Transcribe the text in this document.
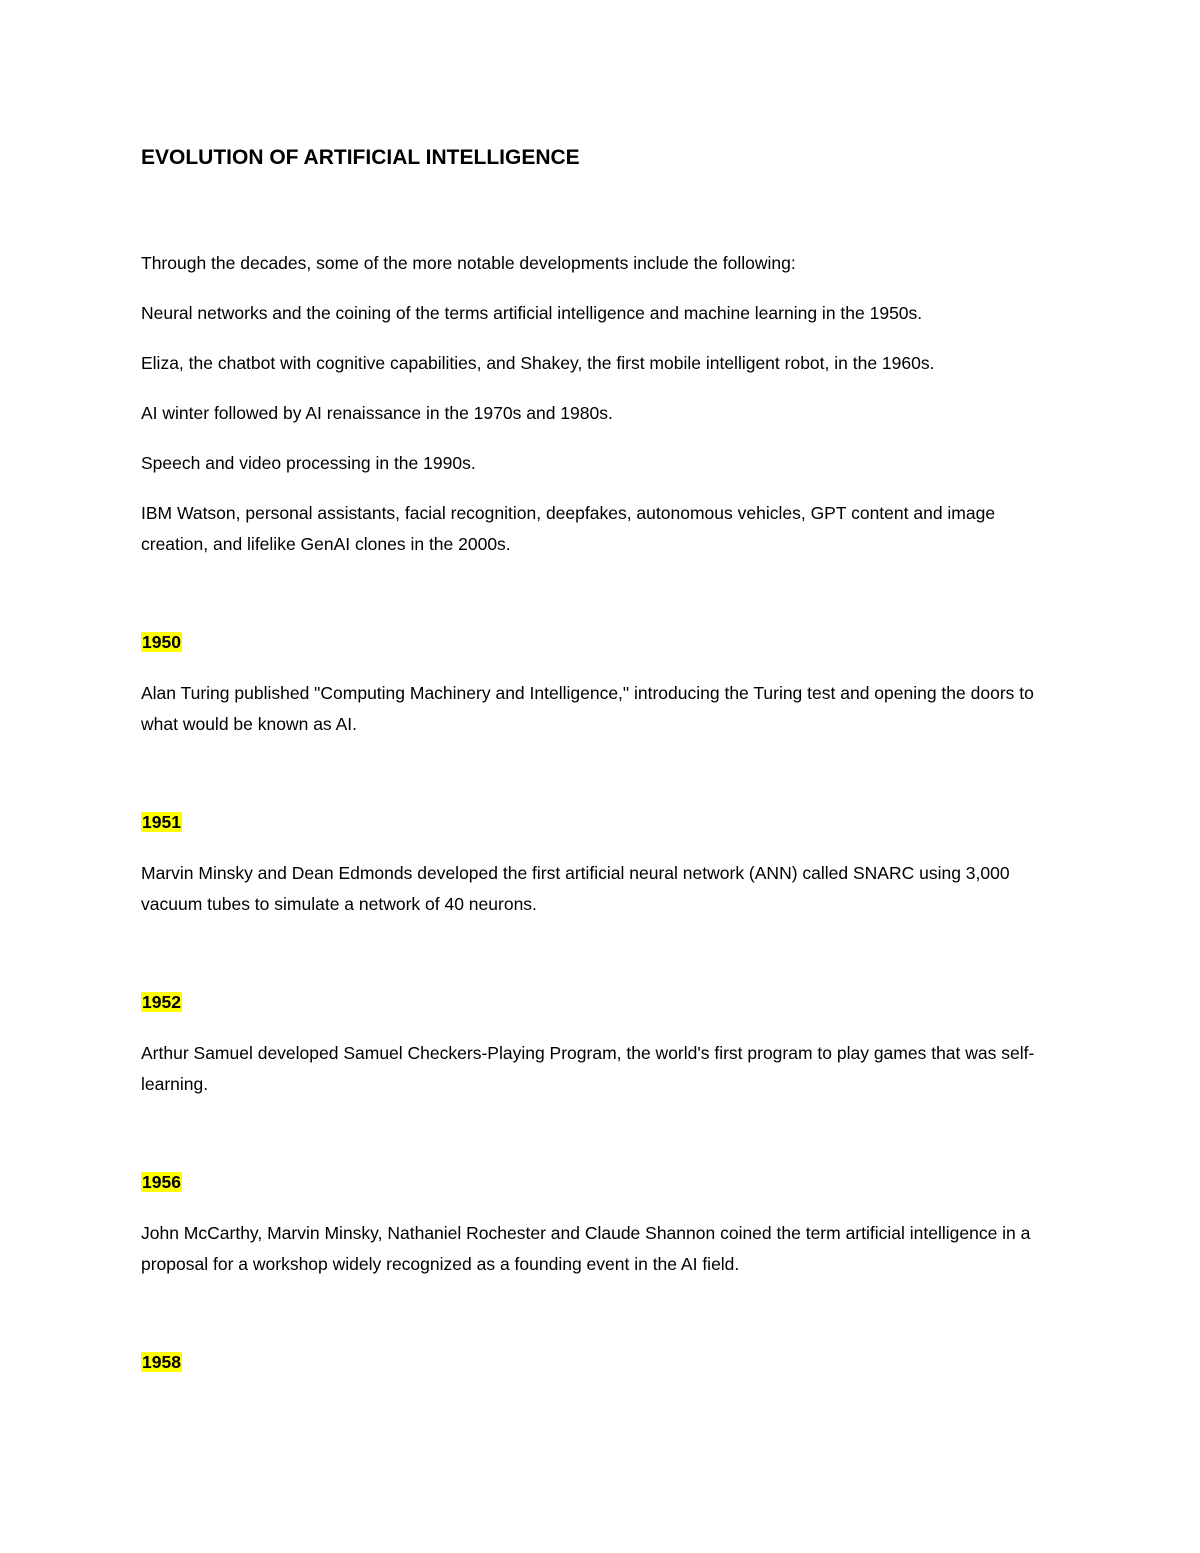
EVOLUTION OF ARTIFICIAL INTELLIGENCE

Through the decades, some of the more notable developments include the following:

Neural networks and the coining of the terms artificial intelligence and machine learning in the 1950s.

Eliza, the chatbot with cognitive capabilities, and Shakey, the first mobile intelligent robot, in the 1960s.

AI winter followed by AI renaissance in the 1970s and 1980s.

Speech and video processing in the 1990s.

IBM Watson, personal assistants, facial recognition, deepfakes, autonomous vehicles, GPT content and image creation, and lifelike GenAI clones in the 2000s.

1950

Alan Turing published "Computing Machinery and Intelligence," introducing the Turing test and opening the doors to what would be known as AI.

1951

Marvin Minsky and Dean Edmonds developed the first artificial neural network (ANN) called SNARC using 3,000 vacuum tubes to simulate a network of 40 neurons.

1952

Arthur Samuel developed Samuel Checkers-Playing Program, the world's first program to play games that was self-learning.

1956

John McCarthy, Marvin Minsky, Nathaniel Rochester and Claude Shannon coined the term artificial intelligence in a proposal for a workshop widely recognized as a founding event in the AI field.

1958
